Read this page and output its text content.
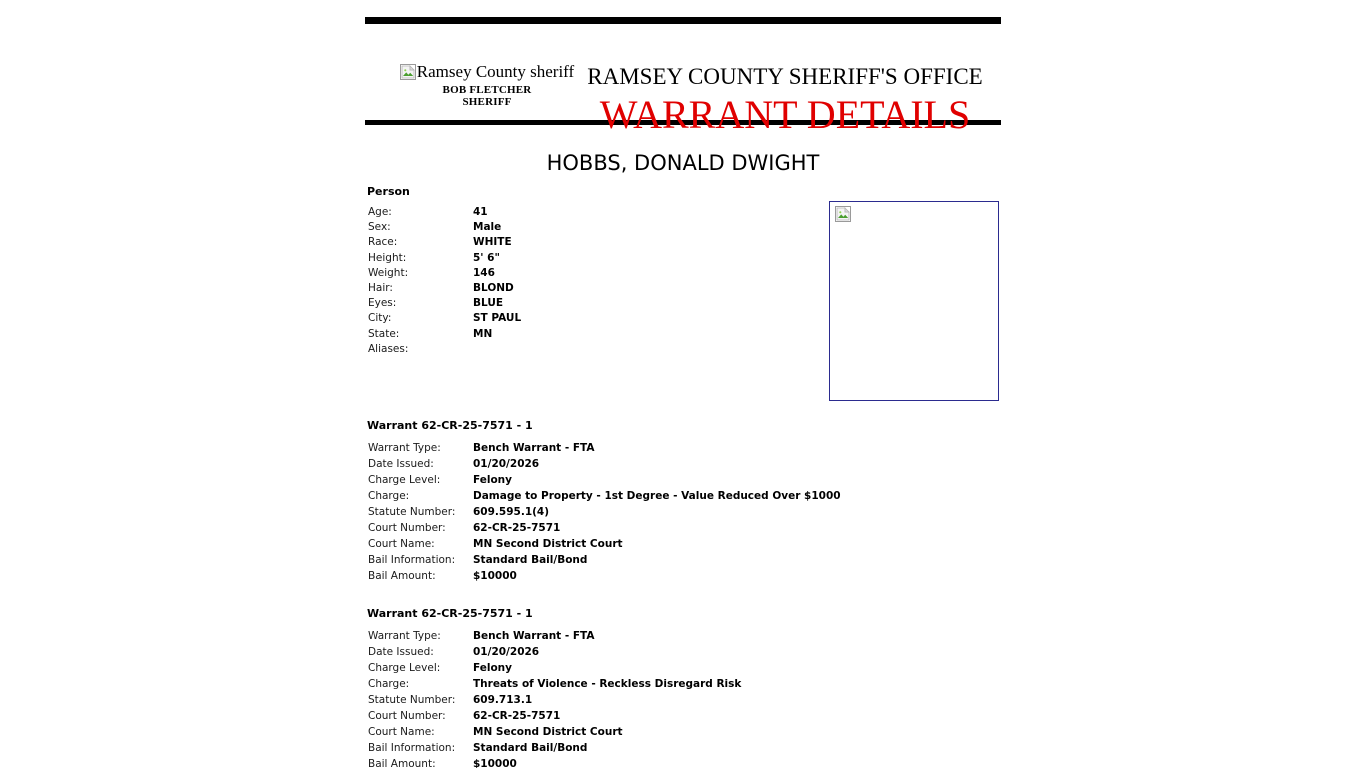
Ramsey County sheriff
BOB FLETCHER
SHERIFF
RAMSEY COUNTY SHERIFF'S OFFICE
WARRANT DETAILS
HOBBS, DONALD DWIGHT
Person
Age:	41
Sex:	Male
Race:	WHITE
Height:	5' 6"
Weight:	146
Hair:	BLOND
Eyes:	BLUE
City:	ST PAUL
State:	MN
Aliases:	
Warrant 62-CR-25-7571 - 1
Warrant Type:	Bench Warrant - FTA
Date Issued:	01/20/2026
Charge Level:	Felony
Charge:	Damage to Property - 1st Degree - Value Reduced Over $1000
Statute Number:	609.595.1(4)
Court Number:	62-CR-25-7571
Court Name:	MN Second District Court
Bail Information:	Standard Bail/Bond
Bail Amount:	$10000
Warrant 62-CR-25-7571 - 1
Warrant Type:	Bench Warrant - FTA
Date Issued:	01/20/2026
Charge Level:	Felony
Charge:	Threats of Violence - Reckless Disregard Risk
Statute Number:	609.713.1
Court Number:	62-CR-25-7571
Court Name:	MN Second District Court
Bail Information:	Standard Bail/Bond
Bail Amount:	$10000
